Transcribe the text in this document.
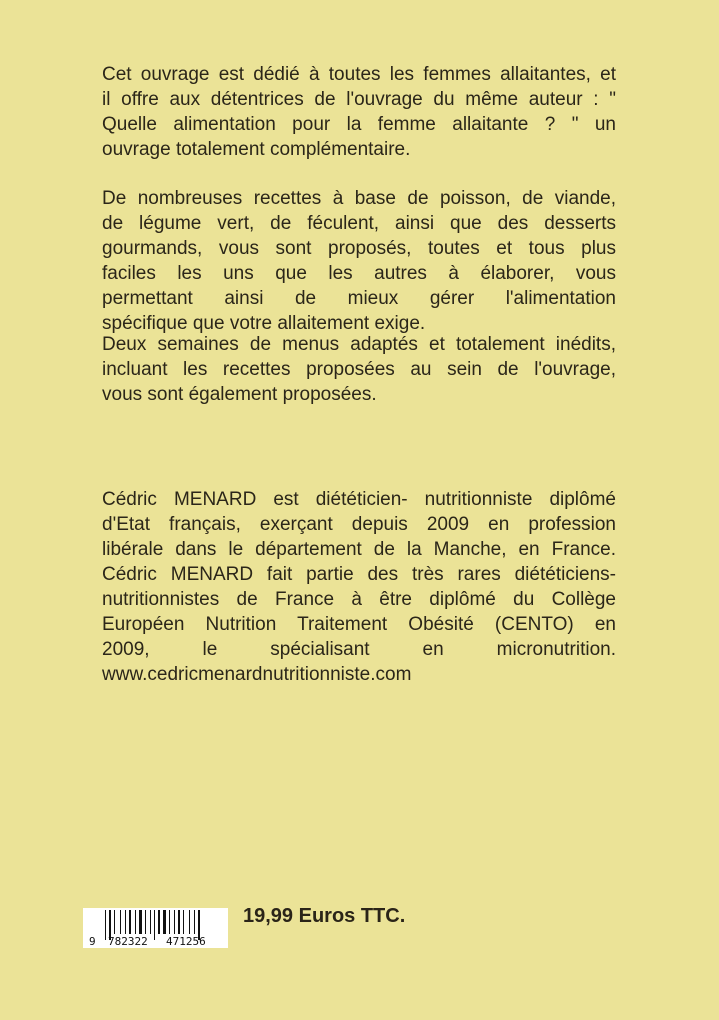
Cet ouvrage est dédié à toutes les femmes allaitantes, et
il offre aux détentrices de l'ouvrage du même auteur : "
Quelle alimentation pour la femme allaitante ? " un
ouvrage totalement complémentaire.
De nombreuses recettes à base de poisson, de viande,
de légume vert, de féculent, ainsi que des desserts
gourmands, vous sont proposés, toutes et tous plus
faciles les uns que les autres à élaborer, vous
permettant ainsi de mieux gérer l'alimentation
spécifique que votre allaitement exige.
Deux semaines de menus adaptés et totalement inédits,
incluant les recettes proposées au sein de l'ouvrage,
vous sont également proposées.
Cédric MENARD est diététicien- nutritionniste diplômé
d'Etat français, exerçant depuis 2009 en profession
libérale dans le département de la Manche, en France.
Cédric MENARD fait partie des très rares diététiciens-
nutritionnistes de France à être diplômé du Collège
Européen Nutrition Traitement Obésité (CENTO) en
2009, le spécialisant en micronutrition.
www.cedricmenardnutritionniste.com
9 782322 471256
19,99 Euros TTC.
